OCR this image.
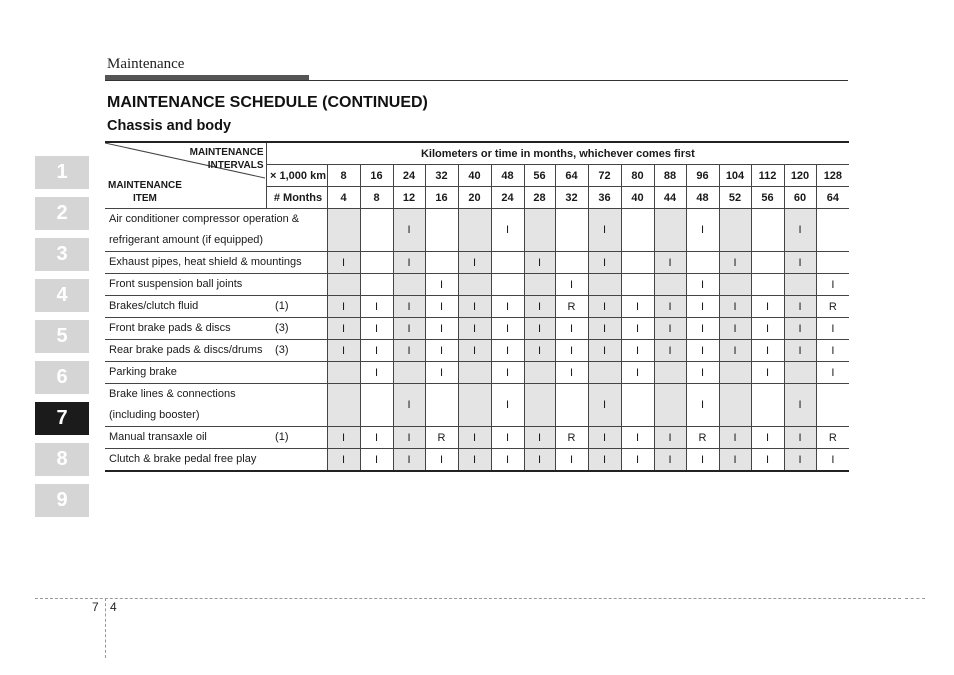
Maintenance
MAINTENANCE SCHEDULE (CONTINUED)
Chassis and body
1
2
3
4
5
6
7
8
9
MAINTENANCE
INTERVALS
MAINTENANCE
ITEM	Kilometers or time in months, whichever comes first																
	× 1,000 km	8	16	24	32	40	48	56	64	72	80	88	96	104	112	120	128
	# Months	4	8	12	16	20	24	28	32	36	40	44	48	52	56	60	64

Air conditioner compressor operation &
refrigerant amount (if equipped)				I			I			I			I			I	

Exhaust pipes, heat shield & mountings		I		I		I		I		I		I		I		I	

Front suspension ball joints					I				I				I				I

Brakes/clutch fluid (1)		I	I	I	I	I	I	I	R	I	I	I	I	I	I	I	R

Front brake pads & discs (3)		I	I	I	I	I	I	I	I	I	I	I	I	I	I	I	I

Rear brake pads & discs/drums (3)		I	I	I	I	I	I	I	I	I	I	I	I	I	I	I	I

Parking brake			I		I		I		I		I		I		I		I

Brake lines & connections
(including booster)				I			I			I			I			I	

Manual transaxle oil (1)		I	I	I	R	I	I	I	R	I	I	I	R	I	I	I	R

Clutch & brake pedal free play		I	I	I	I	I	I	I	I	I	I	I	I	I	I	I	I
7 4
